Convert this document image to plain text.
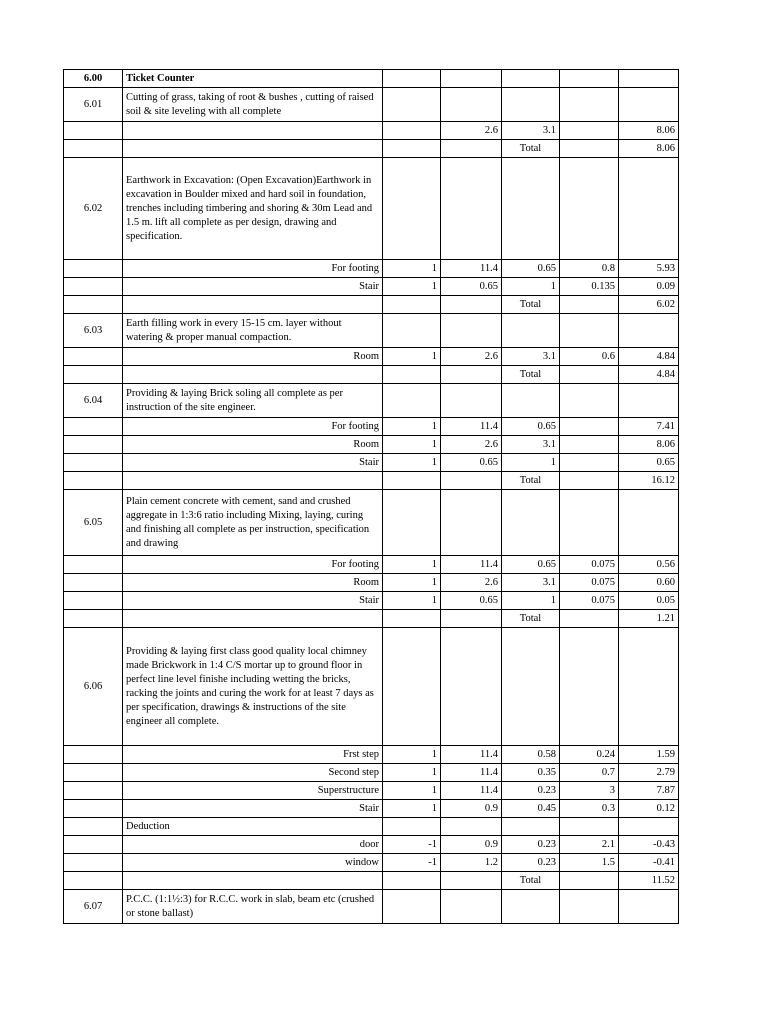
6.00	Ticket Counter					
6.01	Cutting of grass, taking of root & bushes , cutting of raised soil & site leveling with all complete					
			2.6	3.1		8.06
				Total		8.06
6.02	Earthwork in Excavation: (Open Excavation)Earthwork in excavation in Boulder mixed and hard soil in foundation, trenches including timbering and shoring & 30m Lead and 1.5 m. lift all complete as per design, drawing and specification.					
	For footing	1	11.4	0.65	0.8	5.93
	Stair	1	0.65	1	0.135	0.09
				Total		6.02
6.03	Earth filling work in every 15-15 cm. layer without watering & proper manual compaction.					
	Room	1	2.6	3.1	0.6	4.84
				Total		4.84
6.04	Providing & laying Brick soling all complete as per instruction of the site engineer.					
	For footing	1	11.4	0.65		7.41
	Room	1	2.6	3.1		8.06
	Stair	1	0.65	1		0.65
				Total		16.12
6.05	Plain cement concrete with cement, sand and crushed aggregate in 1:3:6 ratio including Mixing, laying, curing and finishing all complete as per instruction, specification and drawing					
	For footing	1	11.4	0.65	0.075	0.56
	Room	1	2.6	3.1	0.075	0.60
	Stair	1	0.65	1	0.075	0.05
				Total		1.21
6.06	Providing & laying first class good quality local chimney made Brickwork in 1:4 C/S mortar up to ground floor in perfect line level finishe including wetting the bricks, racking the joints and curing the work for at least 7 days as per specification, drawings & instructions of the site engineer all complete.					
	Frst step	1	11.4	0.58	0.24	1.59
	Second step	1	11.4	0.35	0.7	2.79
	Superstructure	1	11.4	0.23	3	7.87
	Stair	1	0.9	0.45	0.3	0.12
	Deduction					
	door	-1	0.9	0.23	2.1	-0.43
	window	-1	1.2	0.23	1.5	-0.41
				Total		11.52
6.07	P.C.C. (1:1½:3) for R.C.C. work in slab, beam etc (crushed or stone ballast)					
